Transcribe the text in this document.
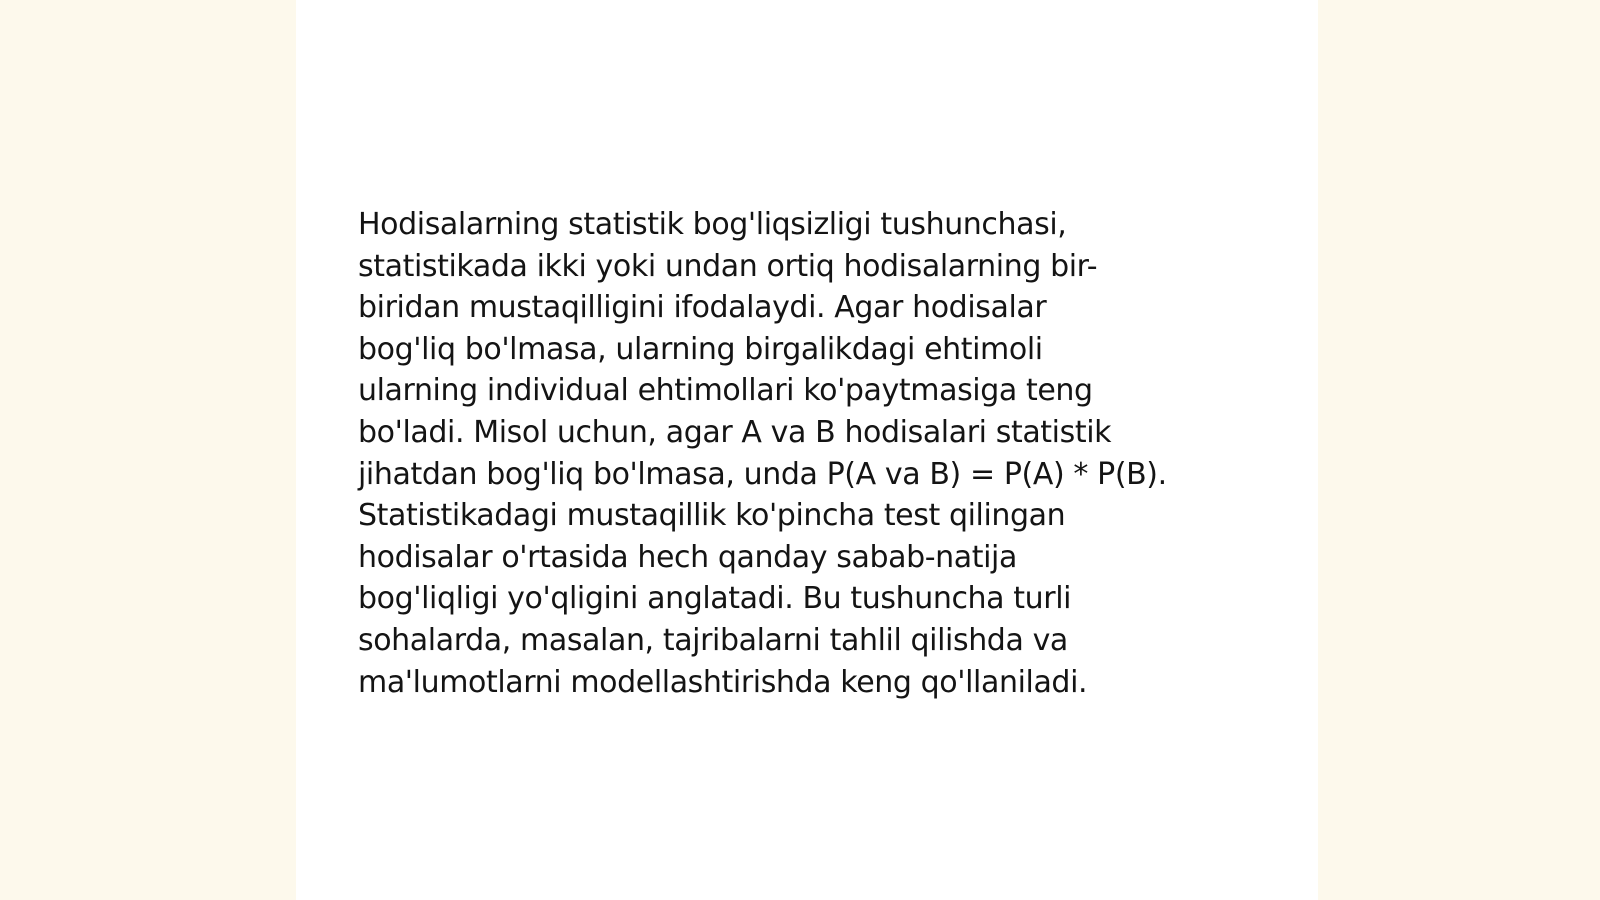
Hodisalarning statistik bog'liqsizligi tushunchasi,
statistikada ikki yoki undan ortiq hodisalarning bir-
biridan mustaqilligini ifodalaydi. Agar hodisalar
bog'liq bo'lmasa, ularning birgalikdagi ehtimoli
ularning individual ehtimollari ko'paytmasiga teng
bo'ladi. Misol uchun, agar A va B hodisalari statistik
jihatdan bog'liq bo'lmasa, unda P(A va B) = P(A) * P(B).
Statistikadagi mustaqillik ko'pincha test qilingan
hodisalar o'rtasida hech qanday sabab-natija
bog'liqligi yo'qligini anglatadi. Bu tushuncha turli
sohalarda, masalan, tajribalarni tahlil qilishda va
ma'lumotlarni modellashtirishda keng qo'llaniladi.
